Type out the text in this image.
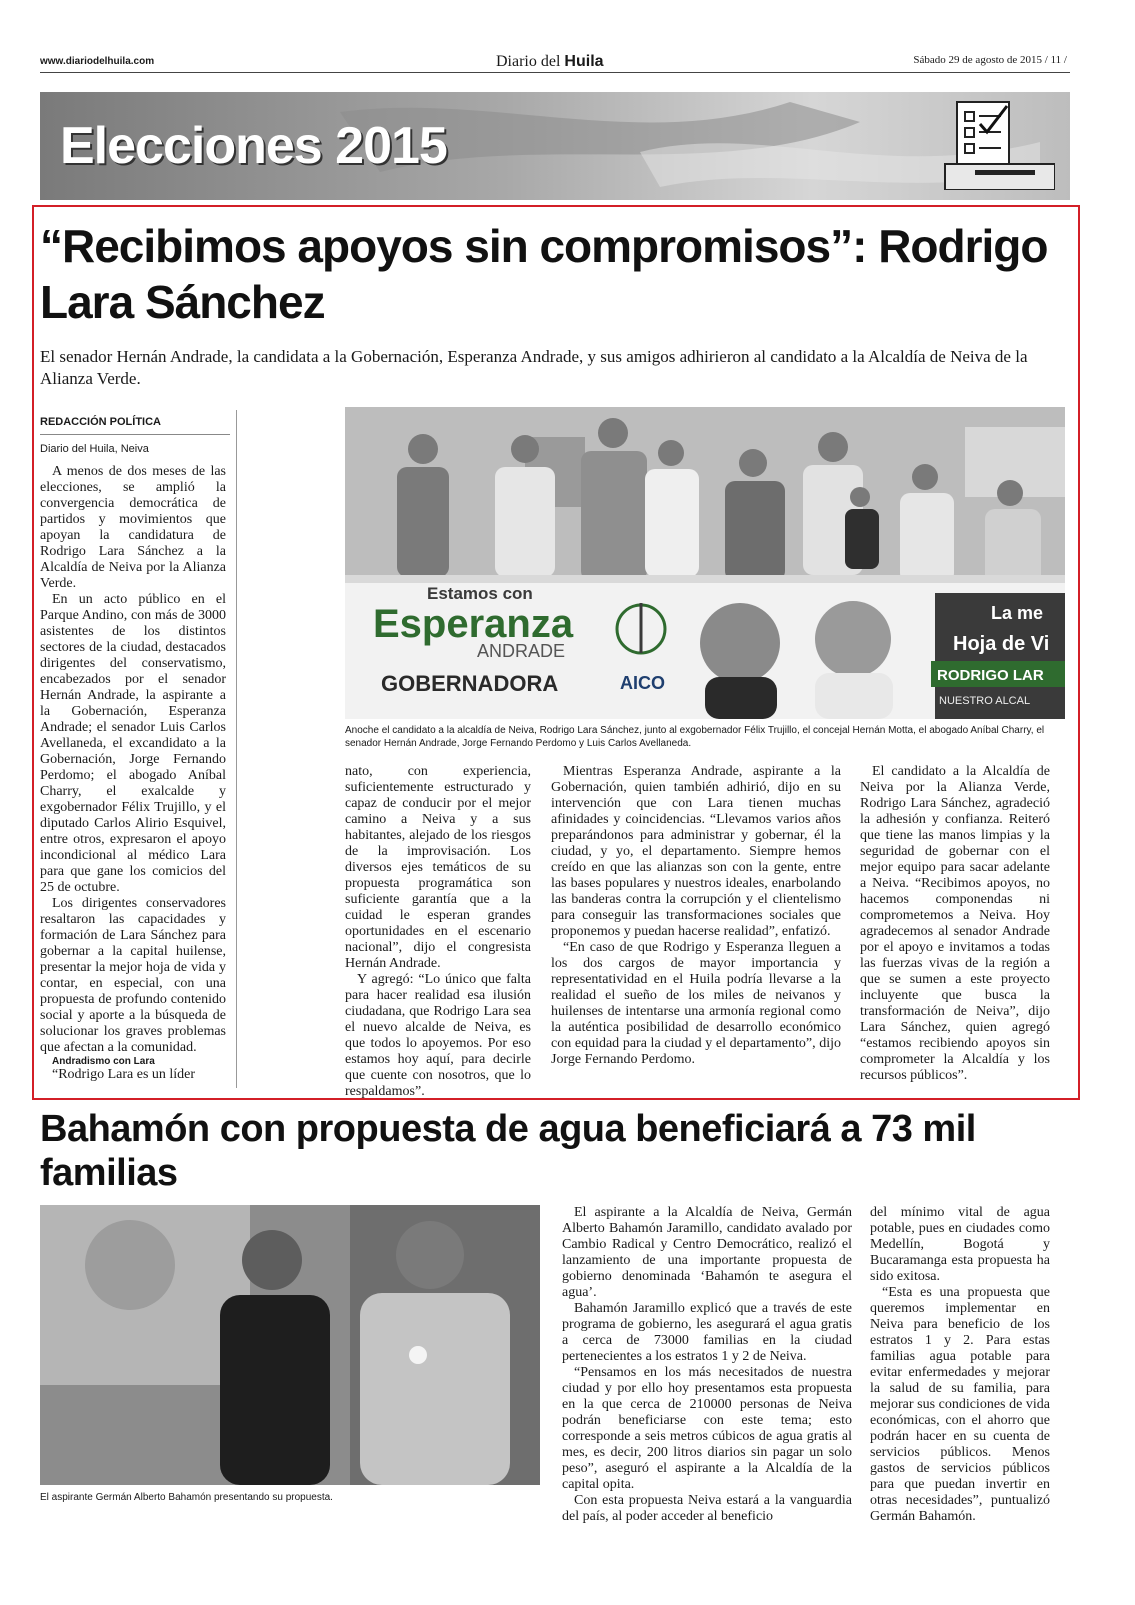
www.diariodelhuila.com	Diario del Huila	Sábado 29 de agosto de 2015 / 11 /
Elecciones 2015
“Recibimos apoyos sin compromisos”: Rodrigo Lara Sánchez
El senador Hernán Andrade, la candidata a la Gobernación, Esperanza Andrade, y sus amigos adhirieron al candidato a la Alcaldía de Neiva de la Alianza Verde.
REDACCIÓN POLÍTICA
Diario del Huila, Neiva

A menos de dos meses de las elecciones, se amplió la convergencia democrática de partidos y movimientos que apoyan la candidatura de Rodrigo Lara Sánchez a la Alcaldía de Neiva por la Alianza Verde.

En un acto público en el Parque Andino, con más de 3000 asistentes de los distintos sectores de la ciudad, destacados dirigentes del conservatismo, encabezados por el senador Hernán Andrade, la aspirante a la Gobernación, Esperanza Andrade; el senador Luis Carlos Avellaneda, el excandidato a la Gobernación, Jorge Fernando Perdomo; el abogado Aníbal Charry, el exalcalde y exgobernador Félix Trujillo, y el diputado Carlos Alirio Esquivel, entre otros, expresaron el apoyo incondicional al médico Lara para que gane los comicios del 25 de octubre.

Los dirigentes conservadores resaltaron las capacidades y formación de Lara Sánchez para gobernar a la capital huilense, presentar la mejor hoja de vida y contar, en especial, con una propuesta de profundo contenido social y aporte a la búsqueda de solucionar los graves problemas que afectan a la comunidad.

Andradismo con Lara

“Rodrigo Lara es un líder

Estamos con
Esperanza
ANDRADE
GOBERNADORA	AICO
La me
Hoja de Vi
RODRIGO LAR
NUESTRO ALCAL
Anoche el candidato a la alcaldía de Neiva, Rodrigo Lara Sánchez, junto al exgobernador Félix Trujillo, el concejal Hernán Motta, el abogado Aníbal Charry, el senador Hernán Andrade, Jorge Fernando Perdomo y Luis Carlos Avellaneda.

nato, con experiencia, suficientemente estructurado y capaz de conducir por el mejor camino a Neiva y a sus habitantes, alejado de los riesgos de la improvisación. Los diversos ejes temáticos de su propuesta programática son suficiente garantía que a la cuidad le esperan grandes oportunidades en el escenario nacional”, dijo el congresista Hernán Andrade.

Y agregó: “Lo único que falta para hacer realidad esa ilusión ciudadana, que Rodrigo Lara sea el nuevo alcalde de Neiva, es que todos lo apoyemos. Por eso estamos hoy aquí, para decirle que cuente con nosotros, que lo respaldamos”.

Mientras Esperanza Andrade, aspirante a la Gobernación, quien también adhirió, dijo en su intervención que con Lara tienen muchas afinidades y coincidencias. “Llevamos varios años preparándonos para administrar y gobernar, él la ciudad, y yo, el departamento. Siempre hemos creído en que las alianzas son con la gente, entre las bases populares y nuestros ideales, enarbolando las banderas contra la corrupción y el clientelismo para conseguir las transformaciones sociales que proponemos y puedan hacerse realidad”, enfatizó.

“En caso de que Rodrigo y Esperanza lleguen a los dos cargos de mayor importancia y representatividad en el Huila podría llevarse a la realidad el sueño de los miles de neivanos y huilenses de intentarse una armonía regional como la auténtica posibilidad de desarrollo económico con equidad para la ciudad y el departamento”, dijo Jorge Fernando Perdomo.

El candidato a la Alcaldía de Neiva por la Alianza Verde, Rodrigo Lara Sánchez, agradeció la adhesión y confianza. Reiteró que tiene las manos limpias y la seguridad de gobernar con el mejor equipo para sacar adelante a Neiva. “Recibimos apoyos, no hacemos componendas ni comprometemos a Neiva. Hoy agradecemos al senador Andrade por el apoyo e invitamos a todas las fuerzas vivas de la región a que se sumen a este proyecto incluyente que busca la transformación de Neiva”, dijo Lara Sánchez, quien agregó “estamos recibiendo apoyos sin comprometer la Alcaldía y los recursos públicos”.

Bahamón con propuesta de agua beneficiará a 73 mil familias
El aspirante Germán Alberto Bahamón presentando su propuesta.

El aspirante a la Alcaldía de Neiva, Germán Alberto Bahamón Jaramillo, candidato avalado por Cambio Radical y Centro Democrático, realizó el lanzamiento de una importante propuesta de gobierno denominada ‘Bahamón te asegura el agua’.

Bahamón Jaramillo explicó que a través de este programa de gobierno, les asegurará el agua gratis a cerca de 73000 familias en la ciudad pertenecientes a los estratos 1 y 2 de Neiva.

“Pensamos en los más necesitados de nuestra ciudad y por ello hoy presentamos esta propuesta en la que cerca de 210000 personas de Neiva podrán beneficiarse con este tema; esto corresponde a seis metros cúbicos de agua gratis al mes, es decir, 200 litros diarios sin pagar un solo peso”, aseguró el aspirante a la Alcaldía de la capital opita.

Con esta propuesta Neiva estará a la vanguardia del país, al poder acceder al beneficio

del mínimo vital de agua potable, pues en ciudades como Medellín, Bogotá y Bucaramanga esta propuesta ha sido exitosa.

“Esta es una propuesta que queremos implementar en Neiva para beneficio de los estratos 1 y 2. Para estas familias agua potable para evitar enfermedades y mejorar la salud de su familia, para mejorar sus condiciones de vida económicas, con el ahorro que podrán hacer en su cuenta de servicios públicos. Menos gastos de servicios públicos para que puedan invertir en otras necesidades”, puntualizó Germán Bahamón.
